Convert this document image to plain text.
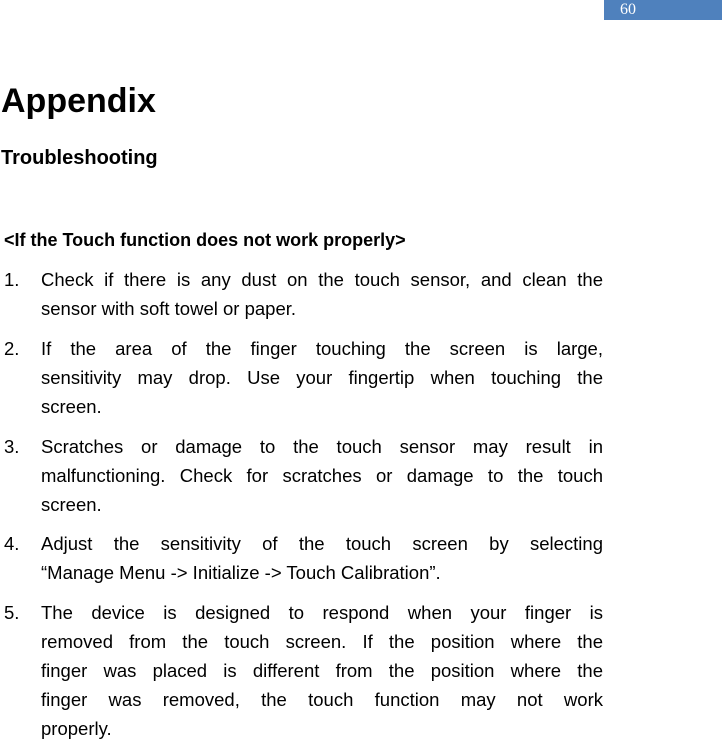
60
Appendix
Troubleshooting
<If the Touch function does not work properly>
1. Check if there is any dust on the touch sensor, and clean the
sensor with soft towel or paper.
2. If the area of the finger touching the screen is large,
sensitivity may drop. Use your fingertip when touching the
screen.
3. Scratches or damage to the touch sensor may result in
malfunctioning. Check for scratches or damage to the touch
screen.
4. Adjust the sensitivity of the touch screen by selecting
“Manage Menu -> Initialize -> Touch Calibration”.
5. The device is designed to respond when your finger is
removed from the touch screen. If the position where the
finger was placed is different from the position where the
finger was removed, the touch function may not work
properly.
